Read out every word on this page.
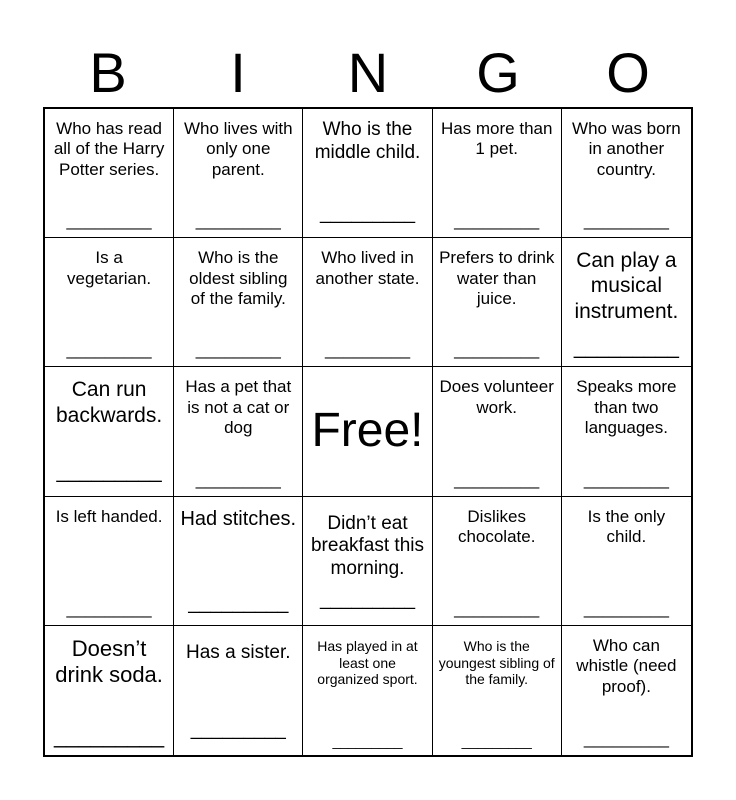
B	I	N	G	O
Who has read all of the Harry Potter series.
_________
Who lives with only one parent.
_________
Who is the middle child.
_________
Has more than 1 pet.
_________
Who was born in another country.
_________
Is a vegetarian.
_________
Who is the oldest sibling of the family.
_________
Who lived in another state.
_________
Prefers to drink water than juice.
_________
Can play a musical instrument.
_________
Can run backwards.
_________
Has a pet that is not a cat or dog
_________
Free!
Does volunteer work.
_________
Speaks more than two languages.
_________
Is left handed.
_________
Had stitches.
_________
Didn’t eat breakfast this morning.
_________
Dislikes chocolate.
_________
Is the only child.
_________
Doesn’t drink soda.
_________
Has a sister.
_________
Has played in at least one organized sport.
_________
Who is the youngest sibling of the family.
_________
Who can whistle (need proof).
_________
